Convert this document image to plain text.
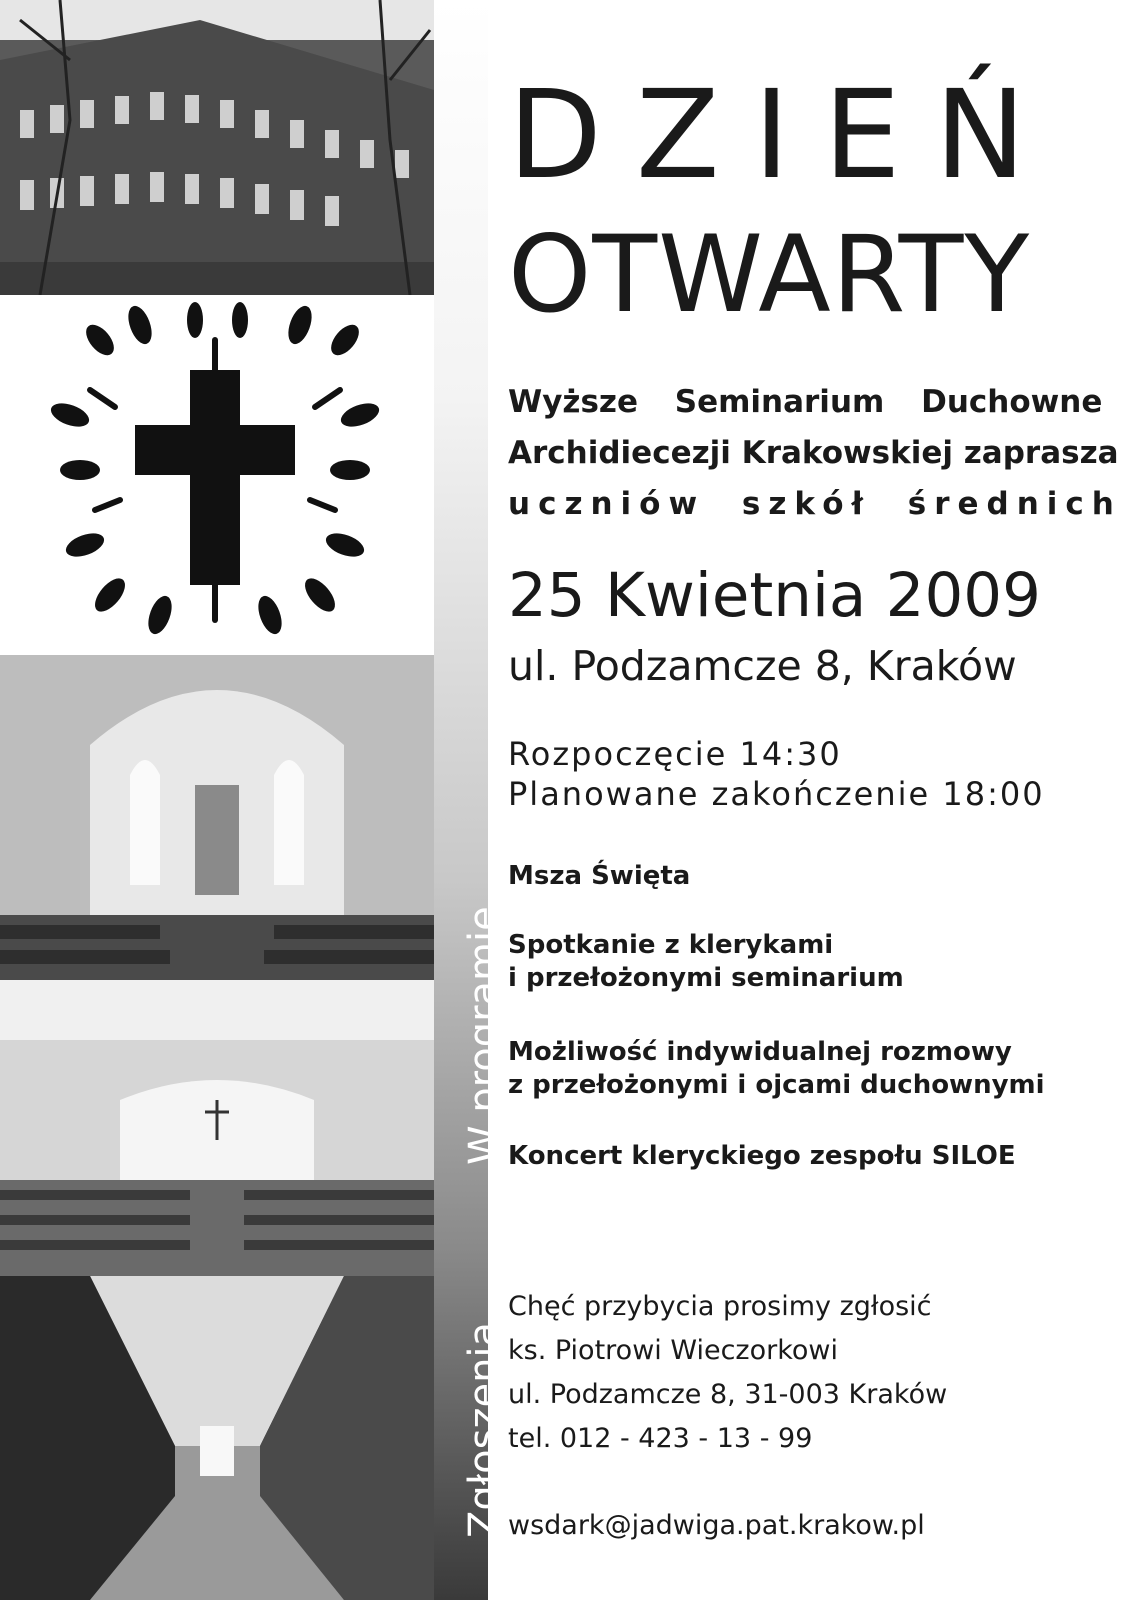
W programie
Zgłoszenia
DZIEŃ
OTWARTY
Wyższe Seminarium Duchowne
Archidiecezji Krakowskiej zaprasza
uczniów szkół średnich
25 Kwietnia 2009
ul. Podzamcze 8, Kraków
Rozpoczęcie 14:30
Planowane zakończenie 18:00
Msza Święta
Spotkanie z klerykami
i przełożonymi seminarium
Możliwość indywidualnej rozmowy
z przełożonymi i ojcami duchownymi
Koncert kleryckiego zespołu SILOE
Chęć przybycia prosimy zgłosić
ks. Piotrowi Wieczorkowi
ul. Podzamcze 8, 31-003 Kraków
tel. 012 - 423 - 13 - 99
wsdark@jadwiga.pat.krakow.pl
